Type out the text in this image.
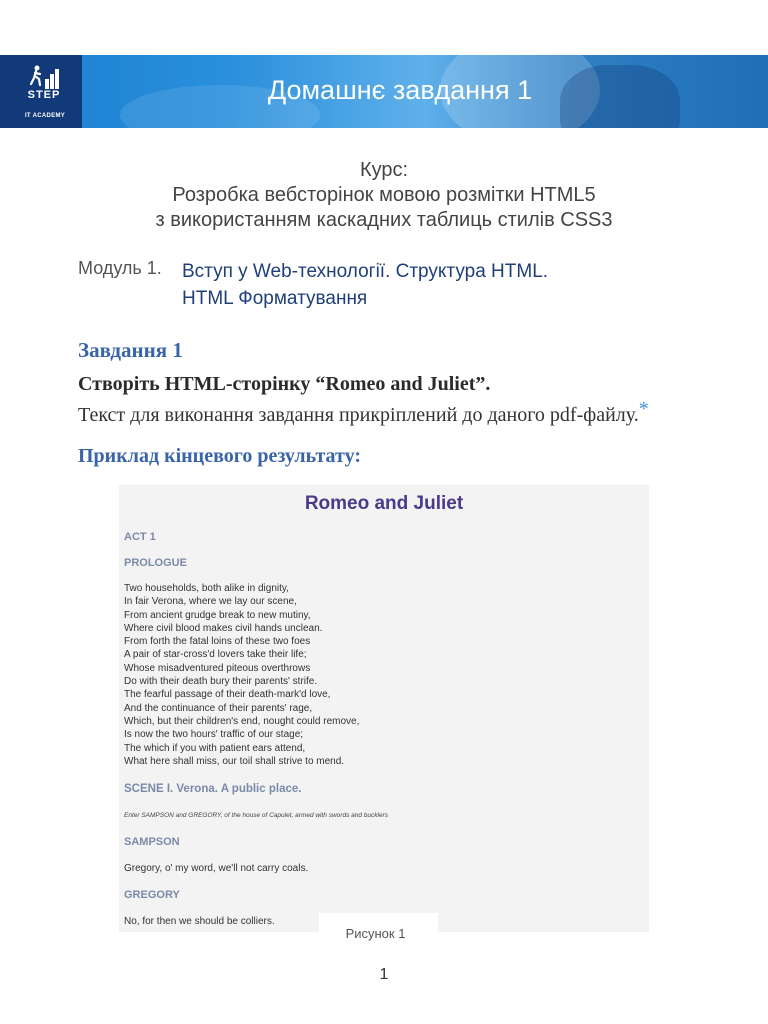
STEP
IT ACADEMY
Домашнє завдання 1
Курс:
Розробка вебсторінок мовою розмітки HTML5
з використанням каскадних таблиць стилів CSS3
Модуль 1. Вступ у Web-технології. Структура HTML.
HTML Форматування
Завдання 1
Створіть HTML-сторінку “Romeo and Juliet”.
Текст для виконання завдання прикріплений до даного pdf-файлу.*
Приклад кінцевого результату:
Romeo and Juliet
ACT 1
PROLOGUE
Two households, both alike in dignity,
In fair Verona, where we lay our scene,
From ancient grudge break to new mutiny,
Where civil blood makes civil hands unclean.
From forth the fatal loins of these two foes
A pair of star-cross'd lovers take their life;
Whose misadventured piteous overthrows
Do with their death bury their parents' strife.
The fearful passage of their death-mark'd love,
And the continuance of their parents' rage,
Which, but their children's end, nought could remove,
Is now the two hours' traffic of our stage;
The which if you with patient ears attend,
What here shall miss, our toil shall strive to mend.
SCENE I. Verona. A public place.
Enter SAMPSON and GREGORY, of the house of Capulet, armed with swords and bucklers
SAMPSON
Gregory, o' my word, we'll not carry coals.
GREGORY
No, for then we should be colliers.
Рисунок 1
1
